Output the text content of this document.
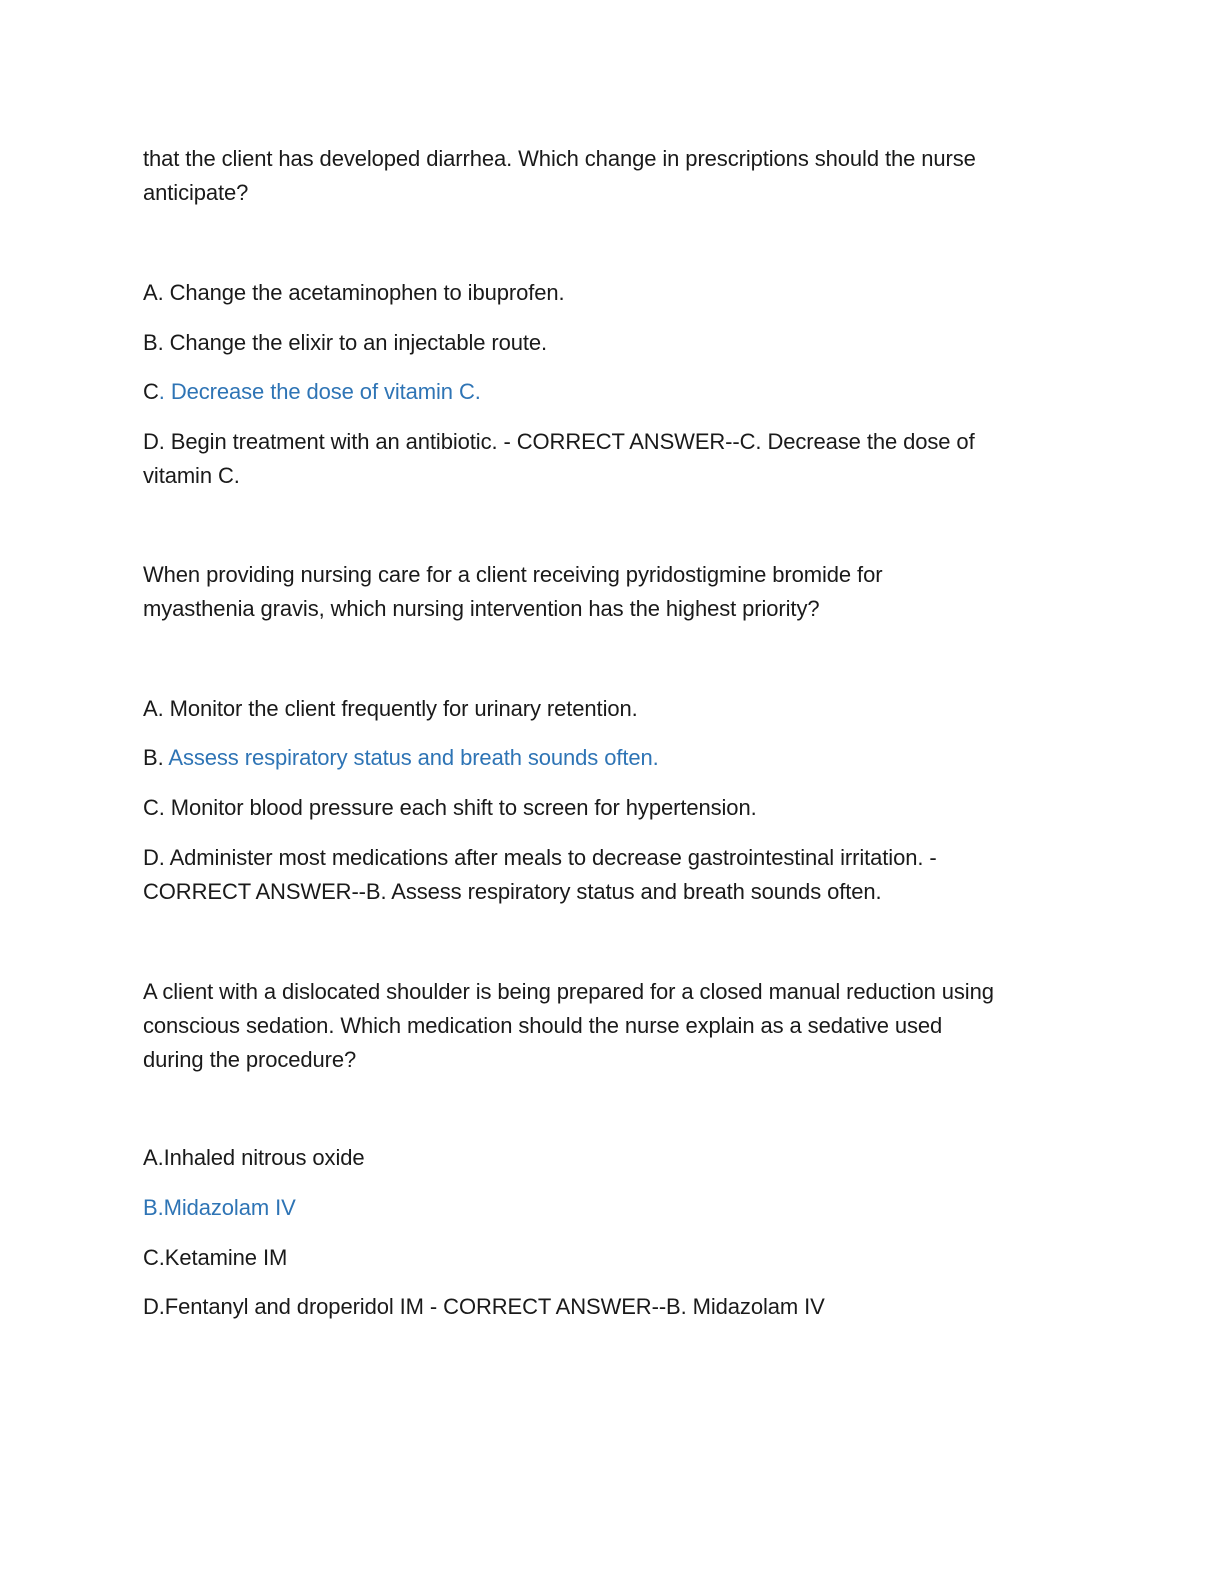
that the client has developed diarrhea. Which change in prescriptions should the nurse
anticipate?
A. Change the acetaminophen to ibuprofen.
B. Change the elixir to an injectable route.
C. Decrease the dose of vitamin C.
D. Begin treatment with an antibiotic. - CORRECT ANSWER--C. Decrease the dose of
vitamin C.
When providing nursing care for a client receiving pyridostigmine bromide for
myasthenia gravis, which nursing intervention has the highest priority?
A. Monitor the client frequently for urinary retention.
B. Assess respiratory status and breath sounds often.
C. Monitor blood pressure each shift to screen for hypertension.
D. Administer most medications after meals to decrease gastrointestinal irritation. -
CORRECT ANSWER--B. Assess respiratory status and breath sounds often.
A client with a dislocated shoulder is being prepared for a closed manual reduction using
conscious sedation. Which medication should the nurse explain as a sedative used
during the procedure?
A.Inhaled nitrous oxide
B.Midazolam IV
C.Ketamine IM
D.Fentanyl and droperidol IM - CORRECT ANSWER--B. Midazolam IV
